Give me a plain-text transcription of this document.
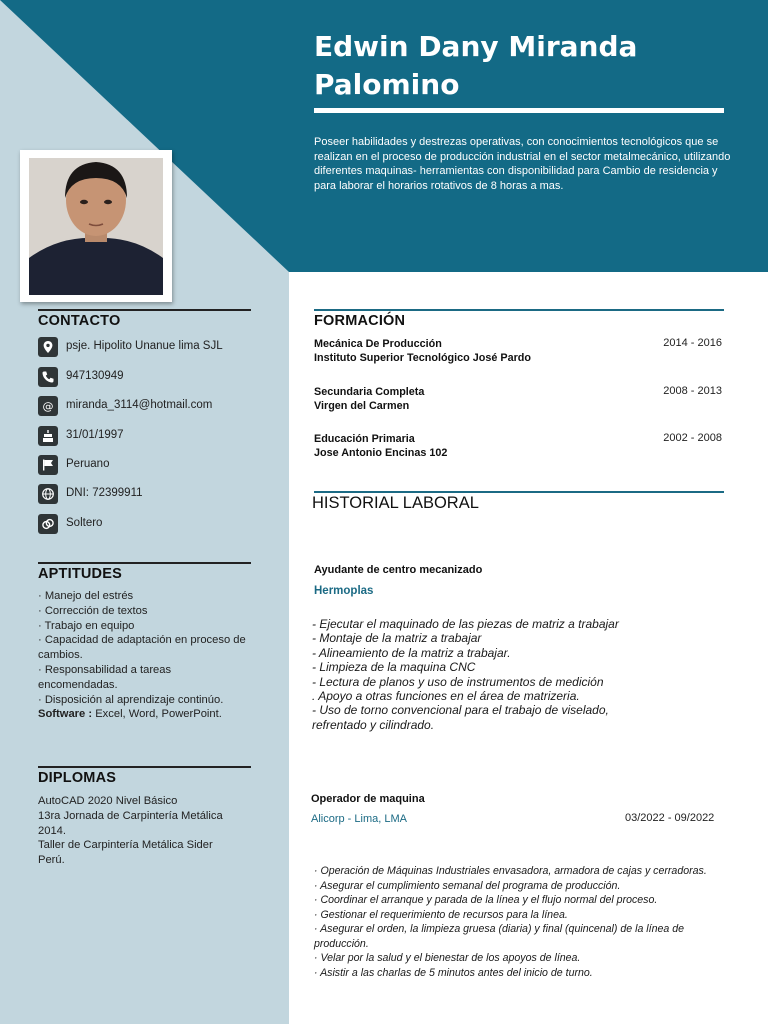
Edwin Dany Miranda
Palomino
Poseer habilidades y destrezas operativas, con conocimientos tecnológicos que se realizan en el proceso de producción industrial en el sector metalmecánico, utilizando diferentes maquinas- herramientas con disponibilidad para Cambio de residencia y para laborar el horarios rotativos de 8 horas a mas.
CONTACTO
psje. Hipolito Unanue lima SJL
947130949
@ miranda_3114@hotmail.com
31/01/1997
Peruano
DNI: 72399911
Soltero
APTITUDES
· Manejo del estrés
· Corrección de textos
· Trabajo en equipo
· Capacidad de adaptación en proceso de cambios.
· Responsabilidad a tareas encomendadas.
· Disposición al aprendizaje continúo.
Software : Excel, Word, PowerPoint.
DIPLOMAS
AutoCAD 2020 Nivel Básico
13ra Jornada de Carpintería Metálica 2014.
Taller de Carpintería Metálica Sider Perú.
FORMACIÓN
Mecánica De Producción
Instituto Superior Tecnológico José Pardo
2014 - 2016
Secundaria Completa
Virgen del Carmen
2008 - 2013
Educación Primaria
Jose Antonio Encinas 102
2002 - 2008
HISTORIAL LABORAL
Ayudante de centro mecanizado
Hermoplas
- Ejecutar el maquinado de las piezas de matriz a trabajar
- Montaje de la matriz a trabajar
- Alineamiento de la matriz a trabajar.
- Limpieza de la maquina CNC
- Lectura de planos y uso de instrumentos de medición
. Apoyo a otras funciones en el área de matrizeria.
- Uso de torno convencional para el trabajo de viselado, refrentado y cilindrado.
Operador de maquina
Alicorp - Lima, LMA	03/2022 - 09/2022
· Operación de Máquinas Industriales envasadora, armadora de cajas y cerradoras.
· Asegurar el cumplimiento semanal del programa de producción.
· Coordinar el arranque y parada de la línea y el flujo normal del proceso.
· Gestionar el requerimiento de recursos para la línea.
· Asegurar el orden, la limpieza gruesa (diaria) y final (quincenal) de la línea de producción.
· Velar por la salud y el bienestar de los apoyos de línea.
· Asistir a las charlas de 5 minutos antes del inicio de turno.
